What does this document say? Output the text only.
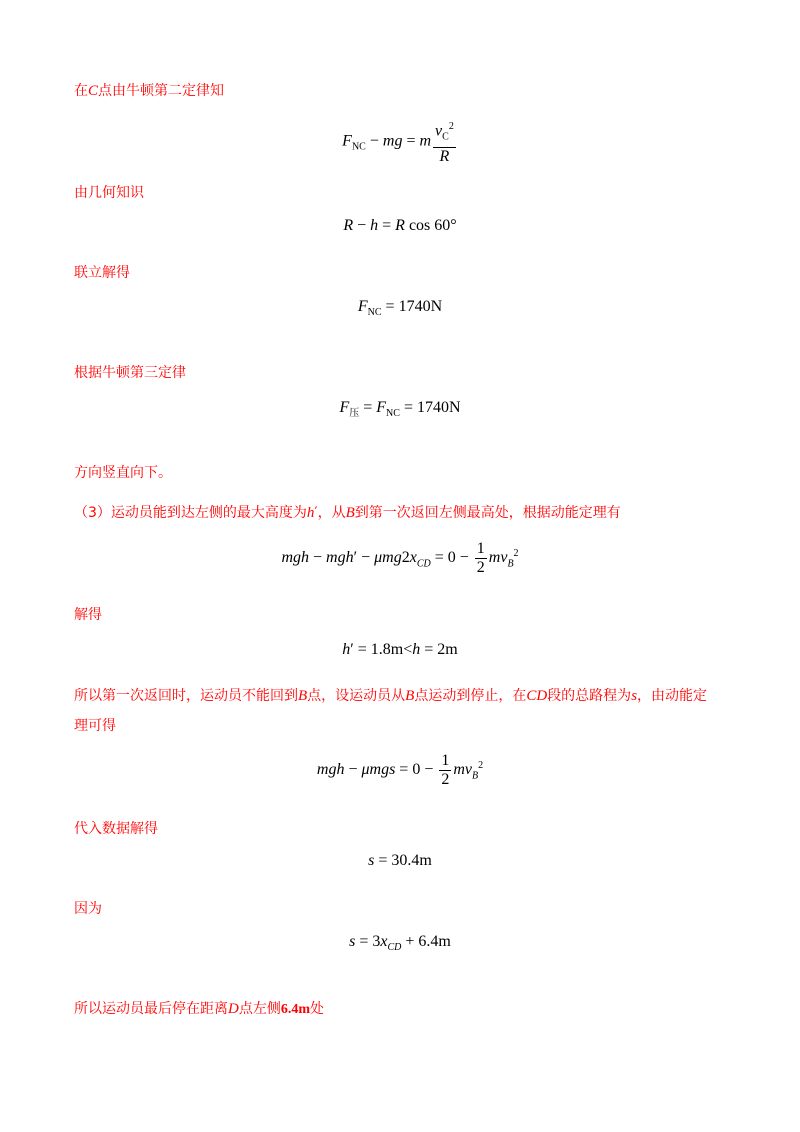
在C点由牛顿第二定律知
$F_{NC}$ − mg = m $\frac{v_C^2}{R}$
由几何知识
R − h = R cos 60°
联立解得
$F_{NC} = 1740N$
根据牛顿第三定律
$F_压 = F_{NC} = 1740N$
方向竖直向下。
（3）运动员能到达左侧的最大高度为h′，从B到第一次返回左侧最高处，根据动能定理有
mgh − $mgh' - \mu mg2x_{CD} = 0 - \frac{1}{2} mv_B^2$
解得
h′ = 1.8m<h = 2m
所以第一次返回时，运动员不能回到B点，设运动员从B点运动到停止，在CD段的总路程为s，由动能定
理可得
mgh − $\mu mgs = 0 - \frac{1}{2} mv_B^2$
代入数据解得
s = 30.4m
因为
$s = 3x_{CD} + 6.4m$
所以运动员最后停在距离D点左侧6.4m处
